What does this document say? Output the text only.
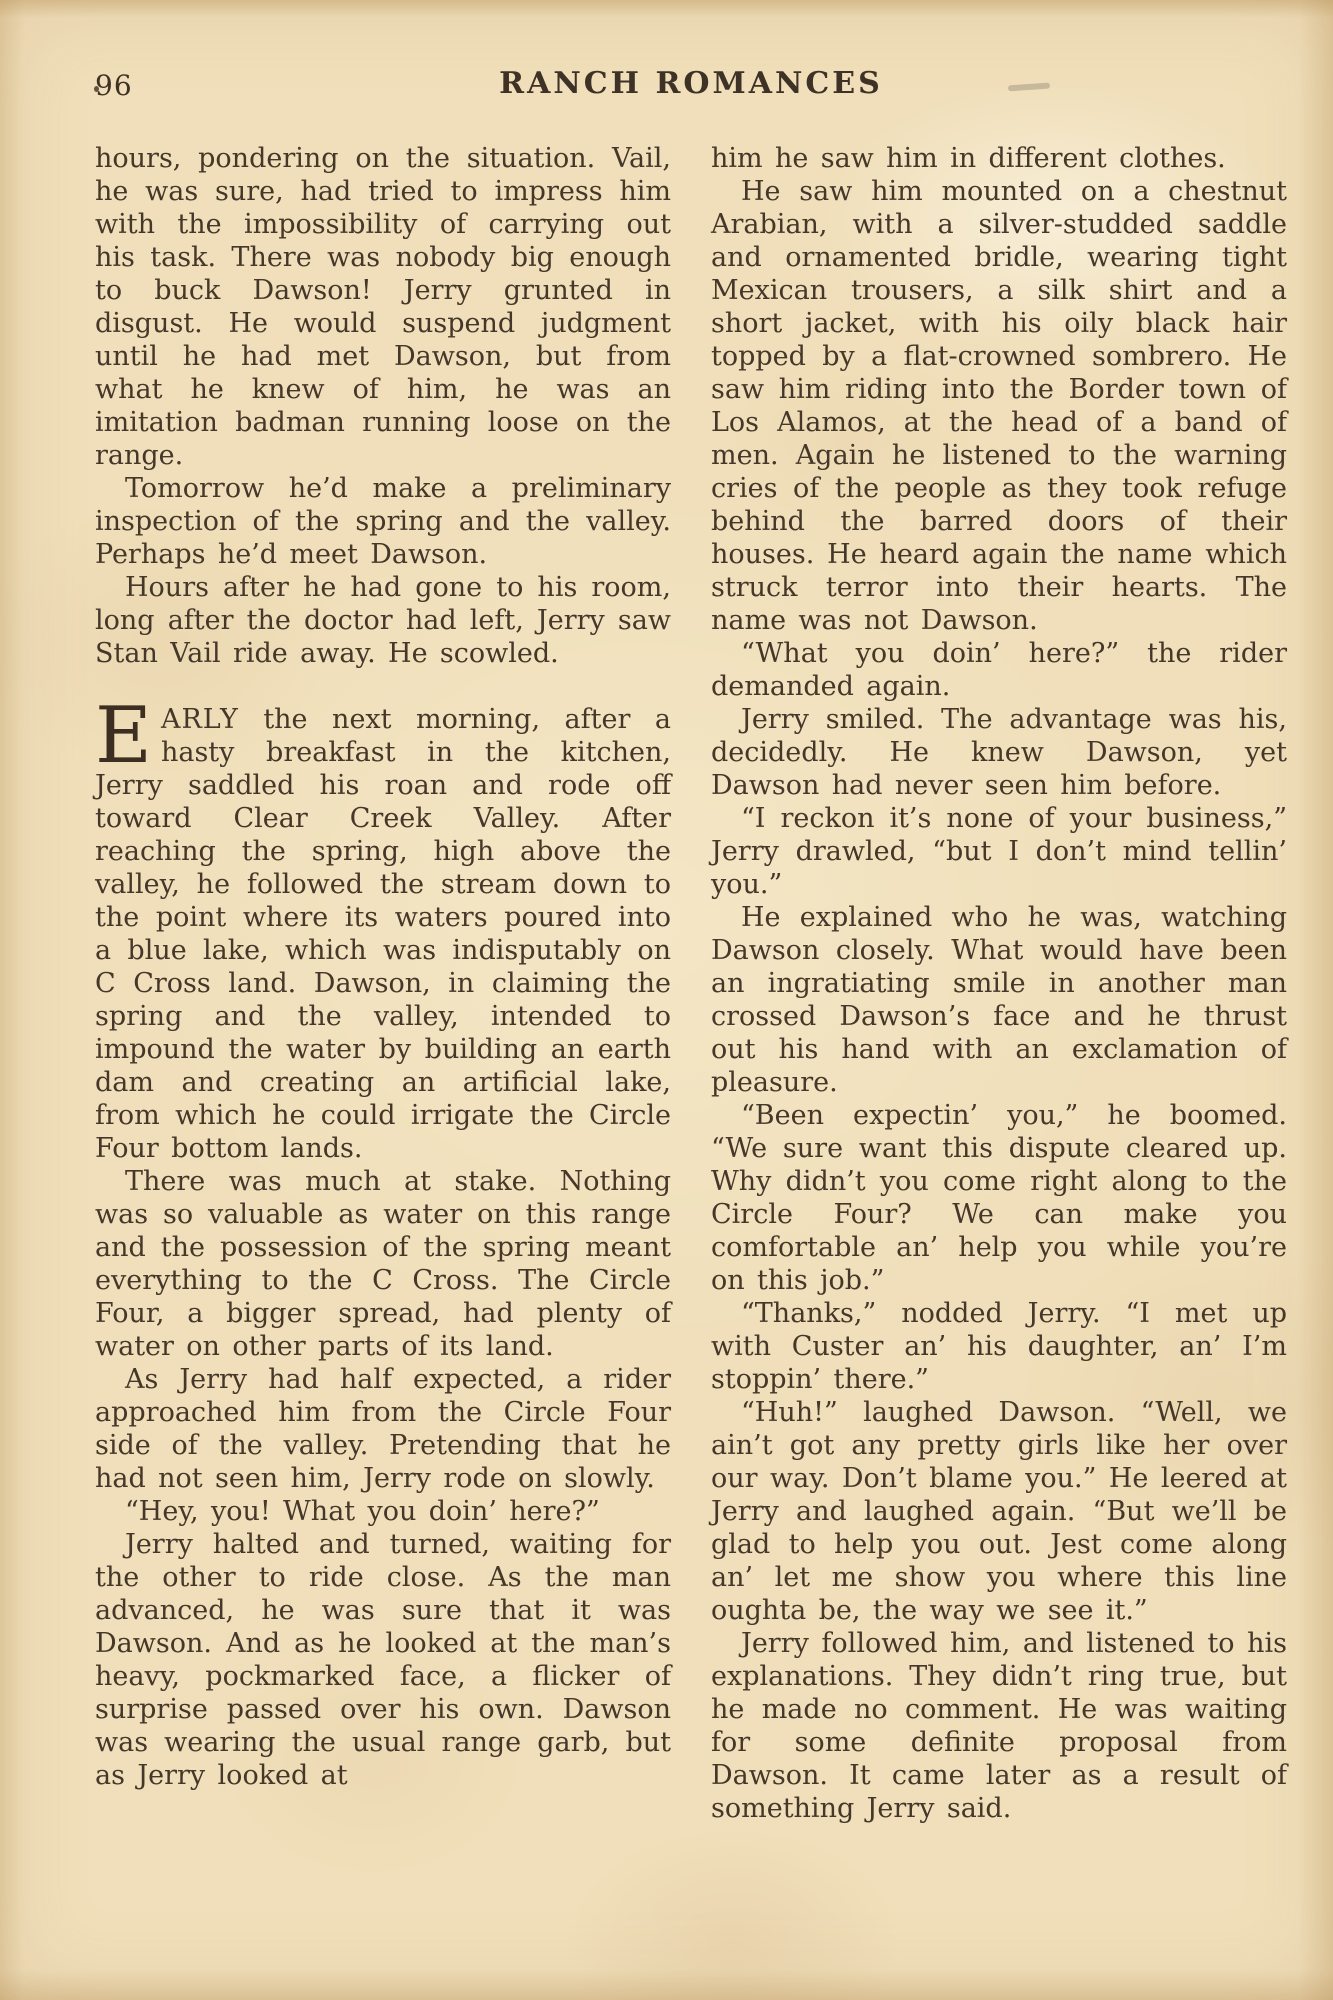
96	RANCH ROMANCES

hours, pondering on the situation. Vail, he was sure, had tried to impress him with the impossibility of carrying out his task. There was nobody big enough to buck Dawson! Jerry grunted in disgust. He would suspend judgment until he had met Dawson, but from what he knew of him, he was an imitation badman running loose on the range.

Tomorrow he’d make a preliminary inspection of the spring and the valley. Perhaps he’d meet Dawson.

Hours after he had gone to his room, long after the doctor had left, Jerry saw Stan Vail ride away. He scowled.

EARLY the next morning, after a hasty breakfast in the kitchen, Jerry saddled his roan and rode off toward Clear Creek Valley. After reaching the spring, high above the valley, he followed the stream down to the point where its waters poured into a blue lake, which was indisputably on C Cross land. Dawson, in claiming the spring and the valley, intended to impound the water by building an earth dam and creating an artificial lake, from which he could irrigate the Circle Four bottom lands.

There was much at stake. Nothing was so valuable as water on this range and the possession of the spring meant everything to the C Cross. The Circle Four, a bigger spread, had plenty of water on other parts of its land.

As Jerry had half expected, a rider approached him from the Circle Four side of the valley. Pretending that he had not seen him, Jerry rode on slowly.

“Hey, you! What you doin’ here?”

Jerry halted and turned, waiting for the other to ride close. As the man advanced, he was sure that it was Dawson. And as he looked at the man’s heavy, pockmarked face, a flicker of surprise passed over his own. Dawson was wearing the usual range garb, but as Jerry looked at

him he saw him in different clothes.

He saw him mounted on a chestnut Arabian, with a silver-studded saddle and ornamented bridle, wearing tight Mexican trousers, a silk shirt and a short jacket, with his oily black hair topped by a flat-crowned sombrero. He saw him riding into the Border town of Los Alamos, at the head of a band of men. Again he listened to the warning cries of the people as they took refuge behind the barred doors of their houses. He heard again the name which struck terror into their hearts. The name was not Dawson.

“What you doin’ here?” the rider demanded again.

Jerry smiled. The advantage was his, decidedly. He knew Dawson, yet Dawson had never seen him before.

“I reckon it’s none of your business,” Jerry drawled, “but I don’t mind tellin’ you.”

He explained who he was, watching Dawson closely. What would have been an ingratiating smile in another man crossed Dawson’s face and he thrust out his hand with an exclamation of pleasure.

“Been expectin’ you,” he boomed. “We sure want this dispute cleared up. Why didn’t you come right along to the Circle Four? We can make you comfortable an’ help you while you’re on this job.”

“Thanks,” nodded Jerry. “I met up with Custer an’ his daughter, an’ I’m stoppin’ there.”

“Huh!” laughed Dawson. “Well, we ain’t got any pretty girls like her over our way. Don’t blame you.” He leered at Jerry and laughed again. “But we’ll be glad to help you out. Jest come along an’ let me show you where this line oughta be, the way we see it.”

Jerry followed him, and listened to his explanations. They didn’t ring true, but he made no comment. He was waiting for some definite proposal from Dawson. It came later as a result of something Jerry said.
